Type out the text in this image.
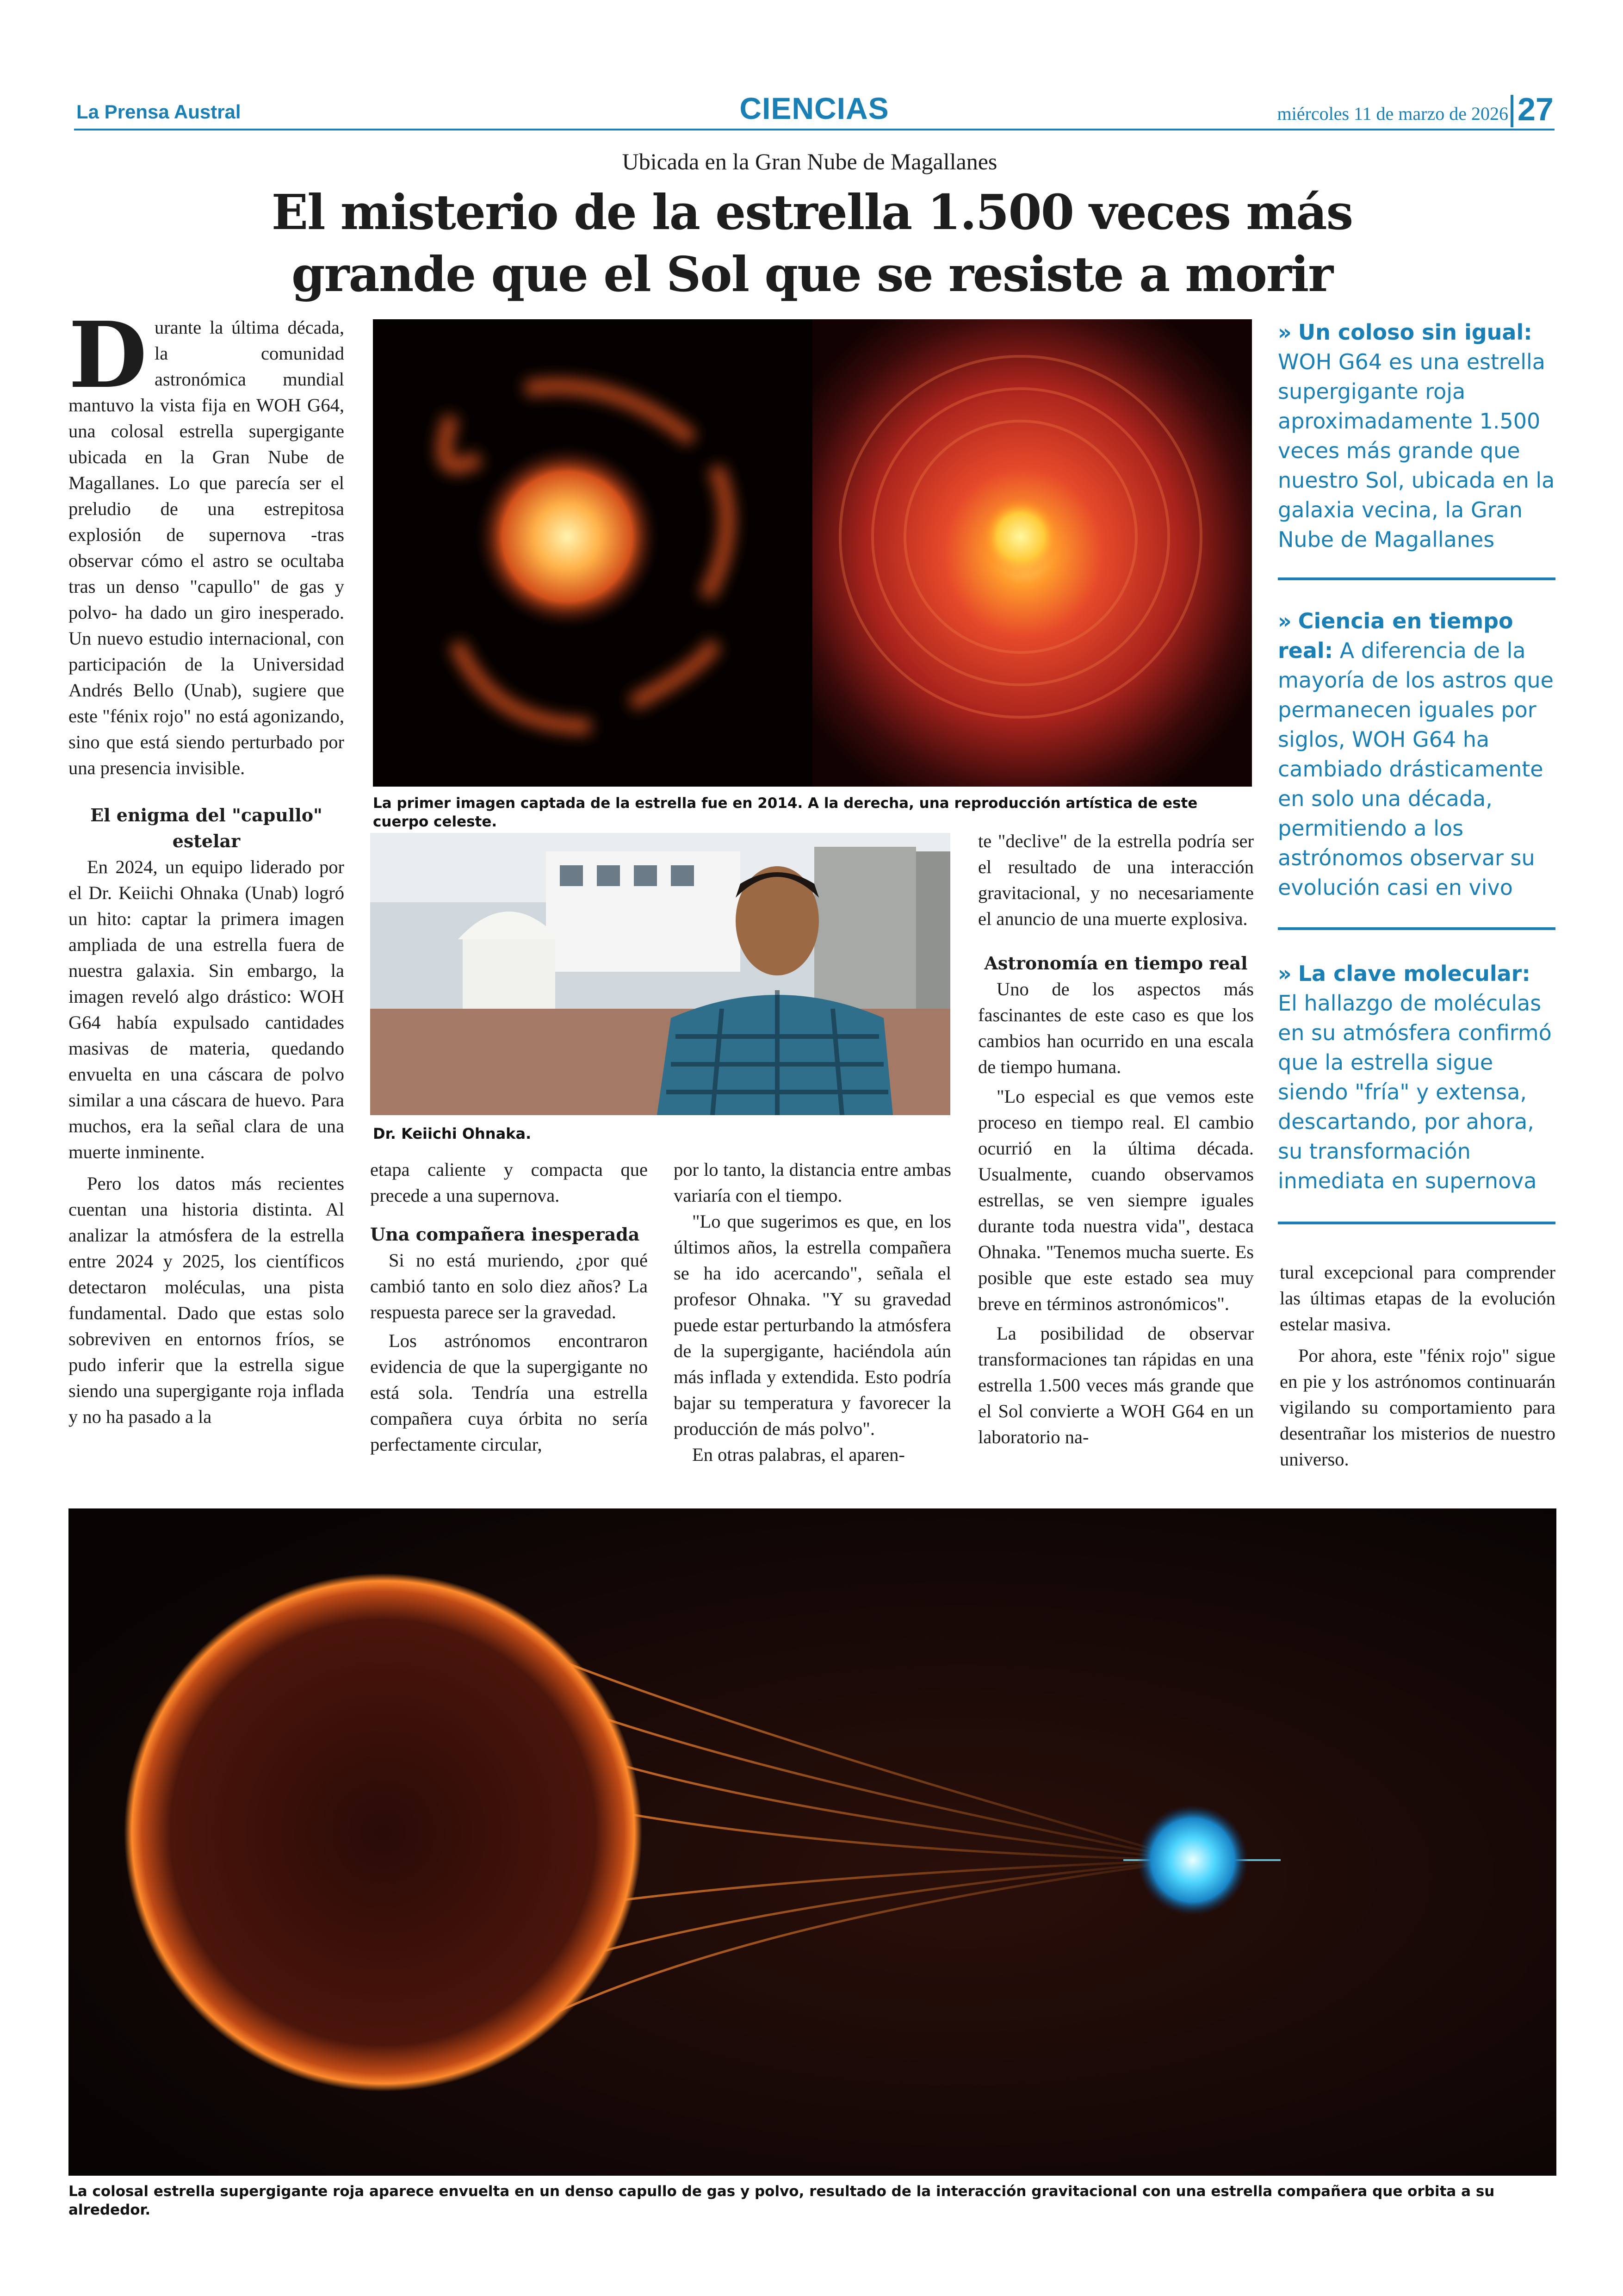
La Prensa Austral	CIENCIAS	miércoles 11 de marzo de 2026 27
Ubicada en la Gran Nube de Magallanes
El misterio de la estrella 1.500 veces más
grande que el Sol que se resiste a morir

Durante la última década, la comunidad astronómica mundial mantuvo la vista fija en WOH G64, una colosal estrella supergigante ubicada en la Gran Nube de Magallanes. Lo que parecía ser el preludio de una estrepitosa explosión de supernova -tras observar cómo el astro se ocultaba tras un denso "capullo" de gas y polvo- ha dado un giro inesperado. Un nuevo estudio internacional, con participación de la Universidad Andrés Bello (Unab), sugiere que este "fénix rojo" no está agonizando, sino que está siendo perturbado por una presencia invisible.

El enigma del "capullo" estelar

En 2024, un equipo liderado por el Dr. Keiichi Ohnaka (Unab) logró un hito: captar la primera imagen ampliada de una estrella fuera de nuestra galaxia. Sin embargo, la imagen reveló algo drástico: WOH G64 había expulsado cantidades masivas de materia, quedando envuelta en una cáscara de polvo similar a una cáscara de huevo. Para muchos, era la señal clara de una muerte inminente.

Pero los datos más recientes cuentan una historia distinta. Al analizar la atmósfera de la estrella entre 2024 y 2025, los científicos detectaron moléculas, una pista fundamental. Dado que estas solo sobreviven en entornos fríos, se pudo inferir que la estrella sigue siendo una supergigante roja inflada y no ha pasado a la

La primer imagen captada de la estrella fue en 2014. A la derecha, una reproducción artística de este cuerpo celeste.
Dr. Keiichi Ohnaka.

etapa caliente y compacta que precede a una supernova.

Una compañera inesperada

Si no está muriendo, ¿por qué cambió tanto en solo diez años? La respuesta parece ser la gravedad.

Los astrónomos encontraron evidencia de que la supergigante no está sola. Tendría una estrella compañera cuya órbita no sería perfectamente circular,

por lo tanto, la distancia entre ambas variaría con el tiempo.

"Lo que sugerimos es que, en los últimos años, la estrella compañera se ha ido acercando", señala el profesor Ohnaka. "Y su gravedad puede estar perturbando la atmósfera de la supergigante, haciéndola aún más inflada y extendida. Esto podría bajar su temperatura y favorecer la producción de más polvo".

En otras palabras, el aparen-

te "declive" de la estrella podría ser el resultado de una interacción gravitacional, y no necesariamente el anuncio de una muerte explosiva.

Astronomía en tiempo real

Uno de los aspectos más fascinantes de este caso es que los cambios han ocurrido en una escala de tiempo humana.

"Lo especial es que vemos este proceso en tiempo real. El cambio ocurrió en la última década. Usualmente, cuando observamos estrellas, se ven siempre iguales durante toda nuestra vida", destaca Ohnaka. "Tenemos mucha suerte. Es posible que este estado sea muy breve en términos astronómicos".

La posibilidad de observar transformaciones tan rápidas en una estrella 1.500 veces más grande que el Sol convierte a WOH G64 en un laboratorio na-

tural excepcional para comprender las últimas etapas de la evolución estelar masiva.

Por ahora, este "fénix rojo" sigue en pie y los astrónomos continuarán vigilando su comportamiento para desentrañar los misterios de nuestro universo.

» Un coloso sin igual: WOH G64 es una estrella supergigante roja aproximadamente 1.500 veces más grande que nuestro Sol, ubicada en la galaxia vecina, la Gran Nube de Magallanes
» Ciencia en tiempo real: A diferencia de la mayoría de los astros que permanecen iguales por siglos, WOH G64 ha cambiado drásticamente en solo una década, permitiendo a los astrónomos observar su evolución casi en vivo
» La clave molecular: El hallazgo de moléculas en su atmósfera confirmó que la estrella sigue siendo "fría" y extensa, descartando, por ahora, su transformación inmediata en supernova
La colosal estrella supergigante roja aparece envuelta en un denso capullo de gas y polvo, resultado de la interacción gravitacional con una estrella compañera que orbita a su alrededor.
